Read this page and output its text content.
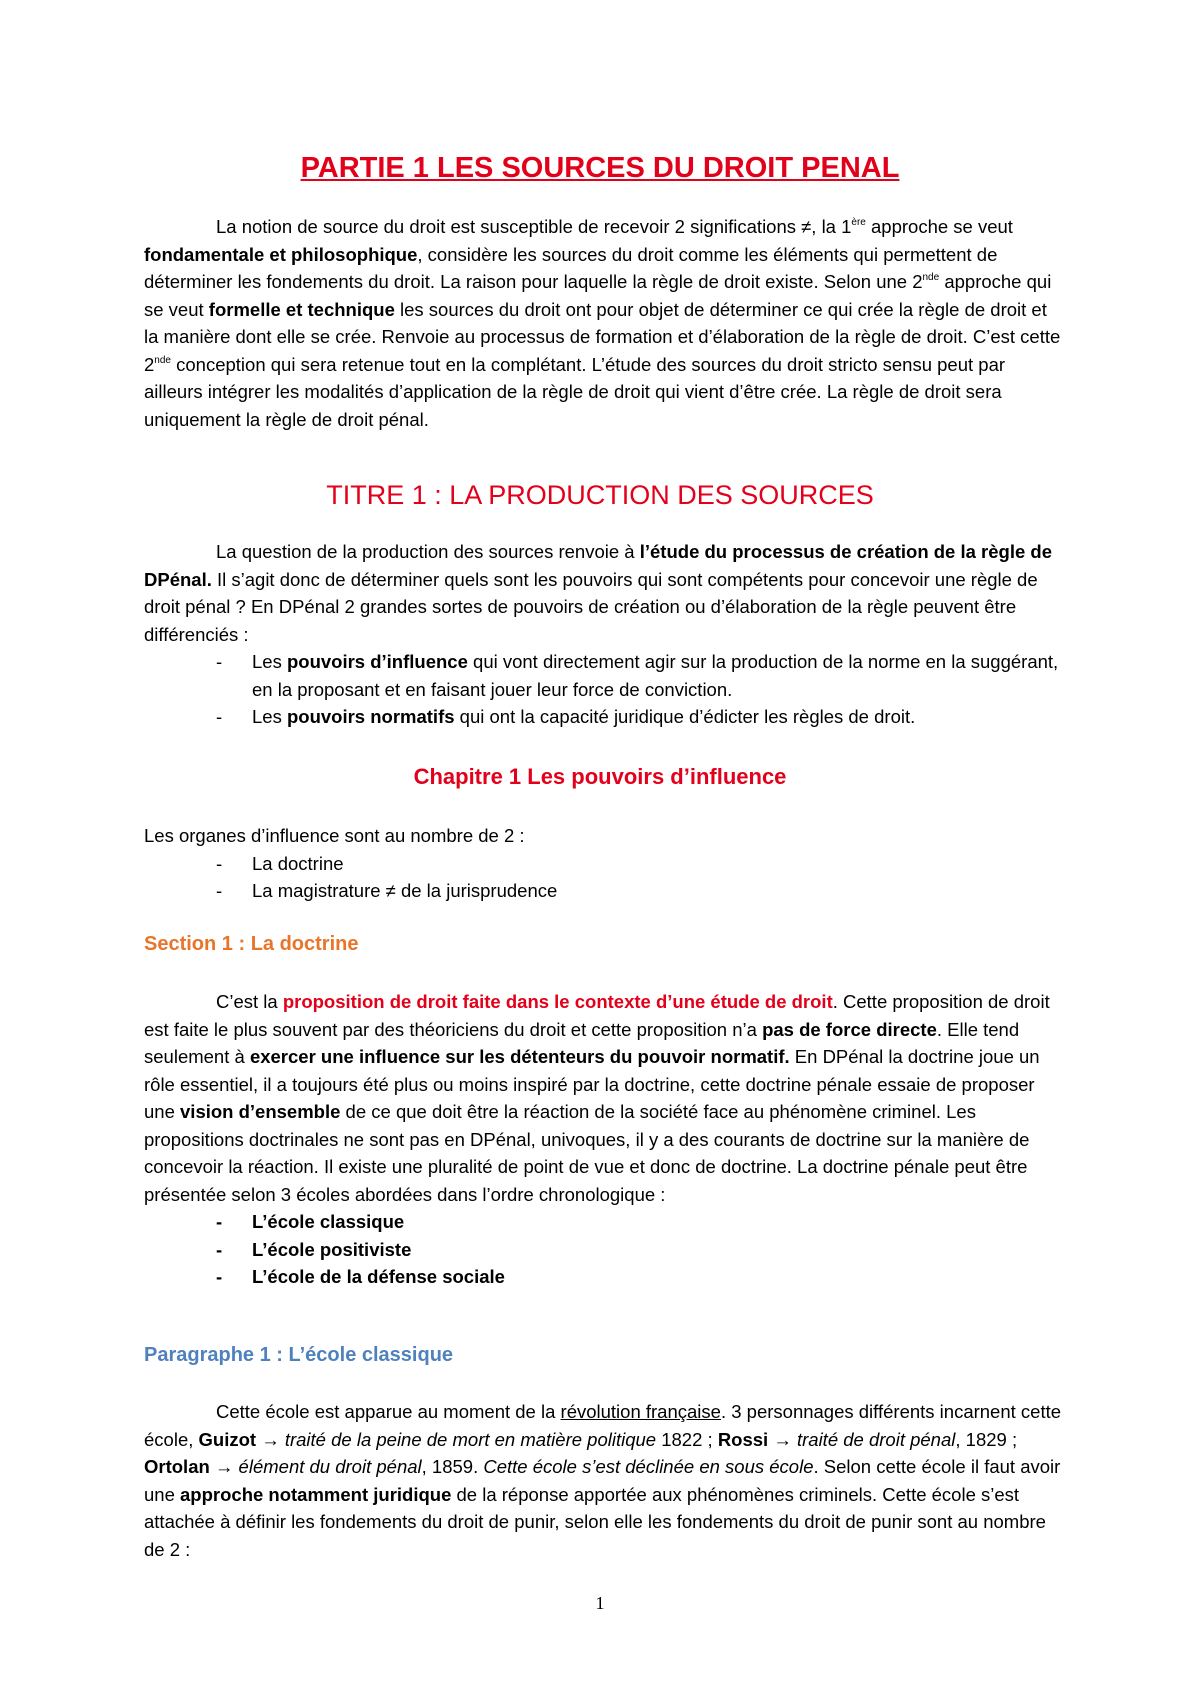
PARTIE 1 LES SOURCES DU DROIT PENAL

La notion de source du droit est susceptible de recevoir 2 significations ≠, la 1ère approche se veut fondamentale et philosophique, considère les sources du droit comme les éléments qui permettent de déterminer les fondements du droit. La raison pour laquelle la règle de droit existe. Selon une 2nde approche qui se veut formelle et technique les sources du droit ont pour objet de déterminer ce qui crée la règle de droit et la manière dont elle se crée. Renvoie au processus de formation et d’élaboration de la règle de droit. C’est cette 2nde conception qui sera retenue tout en la complétant. L’étude des sources du droit stricto sensu peut par ailleurs intégrer les modalités d’application de la règle de droit qui vient d’être crée. La règle de droit sera uniquement la règle de droit pénal.

TITRE 1 : LA PRODUCTION DES SOURCES

La question de la production des sources renvoie à l’étude du processus de création de la règle de DPénal. Il s’agit donc de déterminer quels sont les pouvoirs qui sont compétents pour concevoir une règle de droit pénal ? En DPénal 2 grandes sortes de pouvoirs de création ou d’élaboration de la règle peuvent être différenciés :

- Les pouvoirs d’influence qui vont directement agir sur la production de la norme en la suggérant, en la proposant et en faisant jouer leur force de conviction.
- Les pouvoirs normatifs qui ont la capacité juridique d’édicter les règles de droit.
Chapitre 1 Les pouvoirs d’influence

Les organes d’influence sont au nombre de 2 :

- La doctrine
- La magistrature ≠ de la jurisprudence
Section 1 : La doctrine

C’est la proposition de droit faite dans le contexte d’une étude de droit. Cette proposition de droit est faite le plus souvent par des théoriciens du droit et cette proposition n’a pas de force directe. Elle tend seulement à exercer une influence sur les détenteurs du pouvoir normatif. En DPénal la doctrine joue un rôle essentiel, il a toujours été plus ou moins inspiré par la doctrine, cette doctrine pénale essaie de proposer une vision d’ensemble de ce que doit être la réaction de la société face au phénomène criminel. Les propositions doctrinales ne sont pas en DPénal, univoques, il y a des courants de doctrine sur la manière de concevoir la réaction. Il existe une pluralité de point de vue et donc de doctrine. La doctrine pénale peut être présentée selon 3 écoles abordées dans l’ordre chronologique :

- L’école classique
- L’école positiviste
- L’école de la défense sociale
Paragraphe 1 : L’école classique

Cette école est apparue au moment de la révolution française. 3 personnages différents incarnent cette école, Guizot → traité de la peine de mort en matière politique 1822 ; Rossi → traité de droit pénal, 1829 ; Ortolan → élément du droit pénal, 1859. Cette école s’est déclinée en sous école. Selon cette école il faut avoir une approche notamment juridique de la réponse apportée aux phénomènes criminels. Cette école s’est attachée à définir les fondements du droit de punir, selon elle les fondements du droit de punir sont au nombre de 2 :

1
